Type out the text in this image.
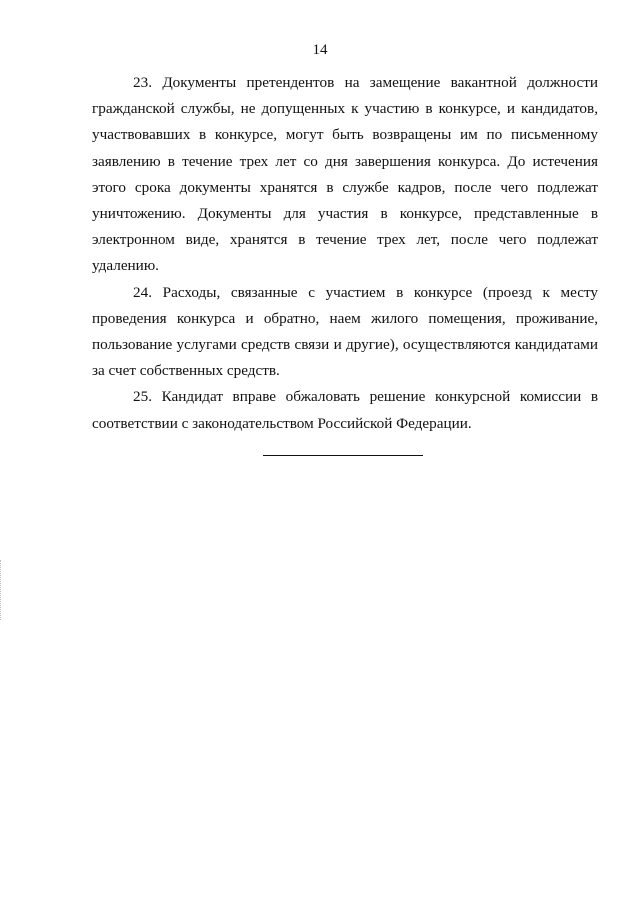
14

23. Документы претендентов на замещение вакантной должности гражданской службы, не допущенных к участию в конкурсе, и кандидатов, участвовавших в конкурсе, могут быть возвращены им по письменному заявлению в течение трех лет со дня завершения конкурса. До истечения этого срока документы хранятся в службе кадров, после чего подлежат уничтожению. Документы для участия в конкурсе, представленные в электронном виде, хранятся в течение трех лет, после чего подлежат удалению.

24. Расходы, связанные с участием в конкурсе (проезд к месту проведения конкурса и обратно, наем жилого помещения, проживание, пользование услугами средств связи и другие), осуществляются кандидатами за счет собственных средств.

25. Кандидат вправе обжаловать решение конкурсной комиссии в соответствии с законодательством Российской Федерации.
